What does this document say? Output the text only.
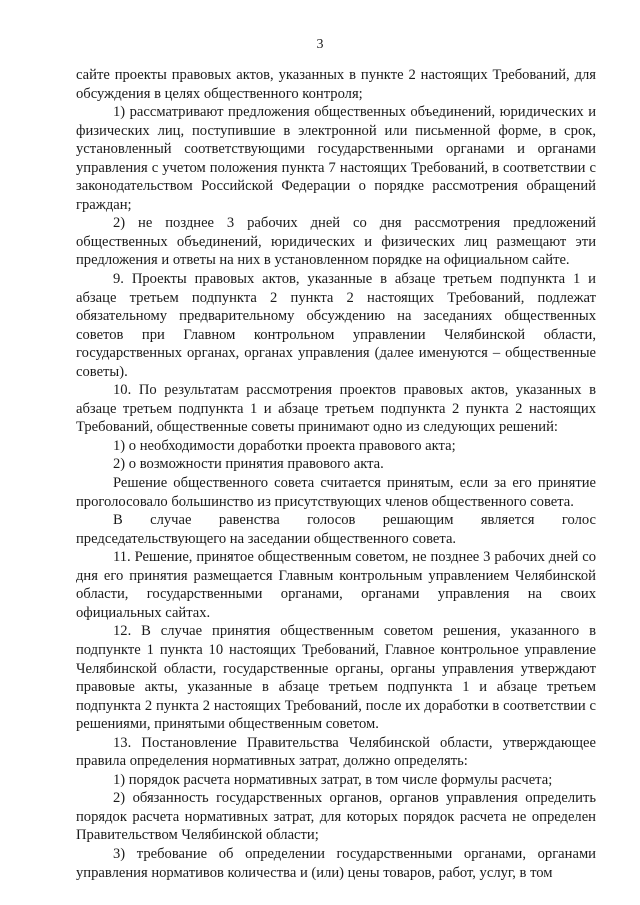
3

сайте проекты правовых актов, указанных в пункте 2 настоящих Требований, для обсуждения в целях общественного контроля;

1) рассматривают предложения общественных объединений, юридических и физических лиц, поступившие в электронной или письменной форме, в срок, установленный соответствующими государственными органами и органами управления с учетом положения пункта 7 настоящих Требований, в соответствии с законодательством Российской Федерации о порядке рассмотрения обращений граждан;

2) не позднее 3 рабочих дней со дня рассмотрения предложений общественных объединений, юридических и физических лиц размещают эти предложения и ответы на них в установленном порядке на официальном сайте.

9. Проекты правовых актов, указанные в абзаце третьем подпункта 1 и абзаце третьем подпункта 2 пункта 2 настоящих Требований, подлежат обязательному предварительному обсуждению на заседаниях общественных советов при Главном контрольном управлении Челябинской области, государственных органах, органах управления (далее именуются – общественные советы).

10. По результатам рассмотрения проектов правовых актов, указанных в абзаце третьем подпункта 1 и абзаце третьем подпункта 2 пункта 2 настоящих Требований, общественные советы принимают одно из следующих решений:

1) о необходимости доработки проекта правового акта;

2) о возможности принятия правового акта.

Решение общественного совета считается принятым, если за его принятие проголосовало большинство из присутствующих членов общественного совета.

В случае равенства голосов решающим является голос председательствующего на заседании общественного совета.

11. Решение, принятое общественным советом, не позднее 3 рабочих дней со дня его принятия размещается Главным контрольным управлением Челябинской области, государственными органами, органами управления на своих официальных сайтах.

12. В случае принятия общественным советом решения, указанного в подпункте 1 пункта 10 настоящих Требований, Главное контрольное управление Челябинской области, государственные органы, органы управления утверждают правовые акты, указанные в абзаце третьем подпункта 1 и абзаце третьем подпункта 2 пункта 2 настоящих Требований, после их доработки в соответствии с решениями, принятыми общественным советом.

13. Постановление Правительства Челябинской области, утверждающее правила определения нормативных затрат, должно определять:

1) порядок расчета нормативных затрат, в том числе формулы расчета;

2) обязанность государственных органов, органов управления определить порядок расчета нормативных затрат, для которых порядок расчета не определен Правительством Челябинской области;

3) требование об определении государственными органами, органами управления нормативов количества и (или) цены товаров, работ, услуг, в том
